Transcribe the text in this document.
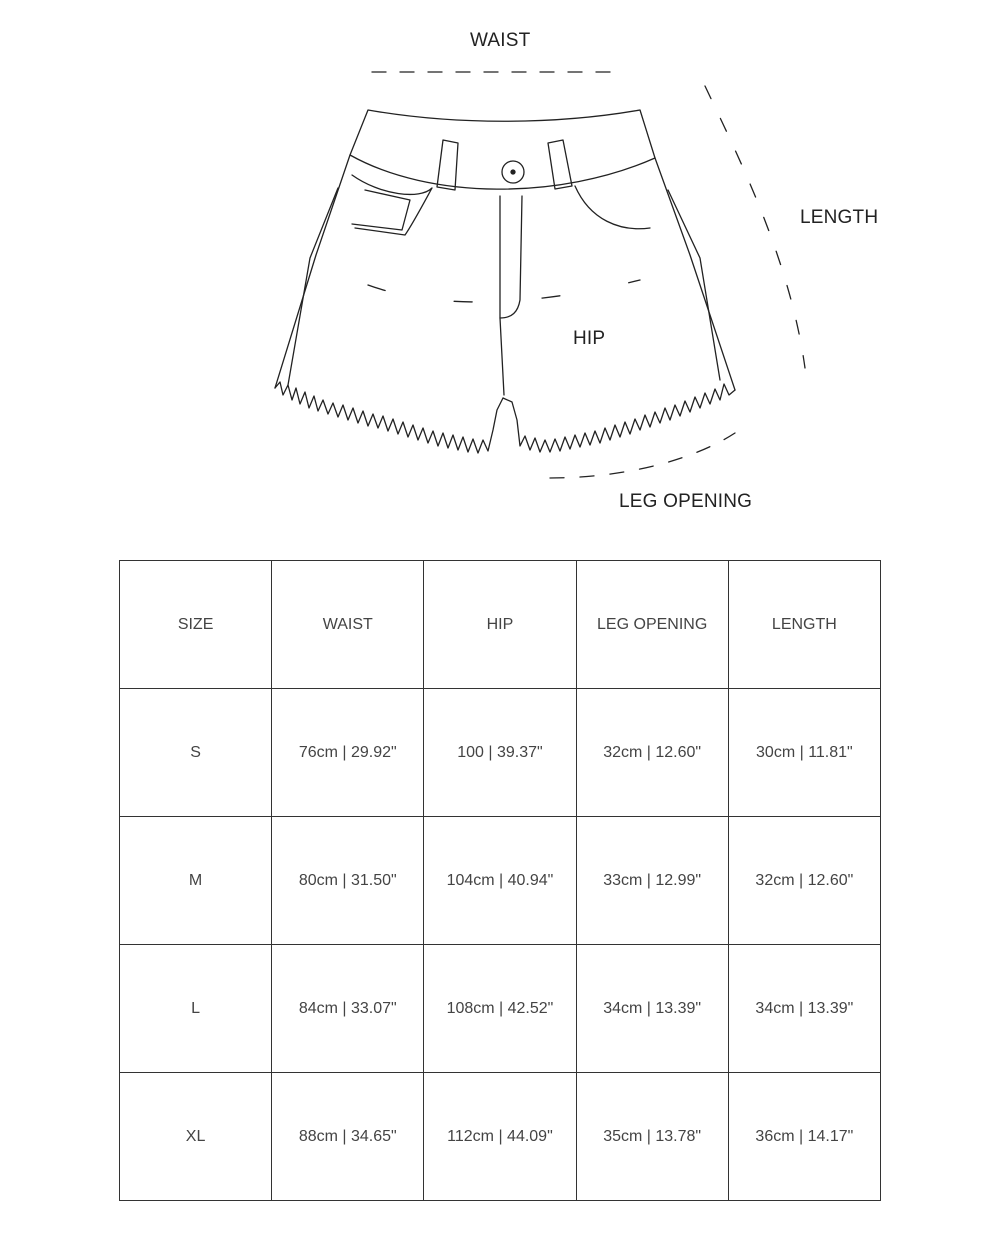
WAIST
LENGTH
HIP
LEG OPENING
SIZE	WAIST	HIP	LEG OPENING	LENGTH
S	76cm | 29.92"	100 | 39.37"	32cm | 12.60"	30cm | 11.81"
M	80cm | 31.50"	104cm | 40.94"	33cm | 12.99"	32cm | 12.60"
L	84cm | 33.07"	108cm | 42.52"	34cm | 13.39"	34cm | 13.39"
XL	88cm | 34.65"	112cm | 44.09"	35cm | 13.78"	36cm | 14.17"
